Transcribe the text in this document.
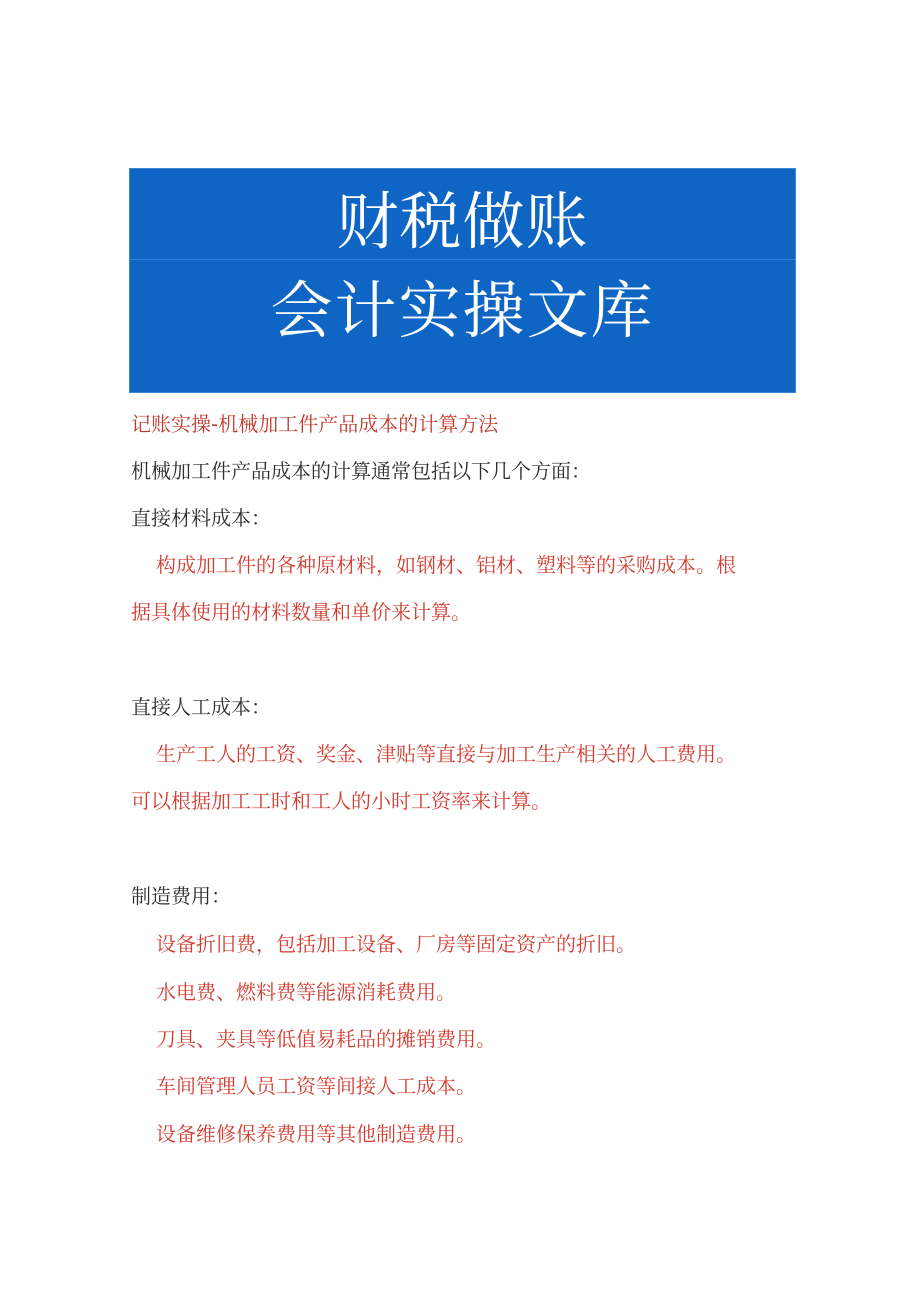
财税做账
会计实操文库
记账实操-机械加工件产品成本的计算方法
机械加工件产品成本的计算通常包括以下几个方面：
直接材料成本：
构成加工件的各种原材料，如钢材、铝材、塑料等的采购成本。根
据具体使用的材料数量和单价来计算。
直接人工成本：
生产工人的工资、奖金、津贴等直接与加工生产相关的人工费用。
可以根据加工工时和工人的小时工资率来计算。
制造费用：
设备折旧费，包括加工设备、厂房等固定资产的折旧。
水电费、燃料费等能源消耗费用。
刀具、夹具等低值易耗品的摊销费用。
车间管理人员工资等间接人工成本。
设备维修保养费用等其他制造费用。
